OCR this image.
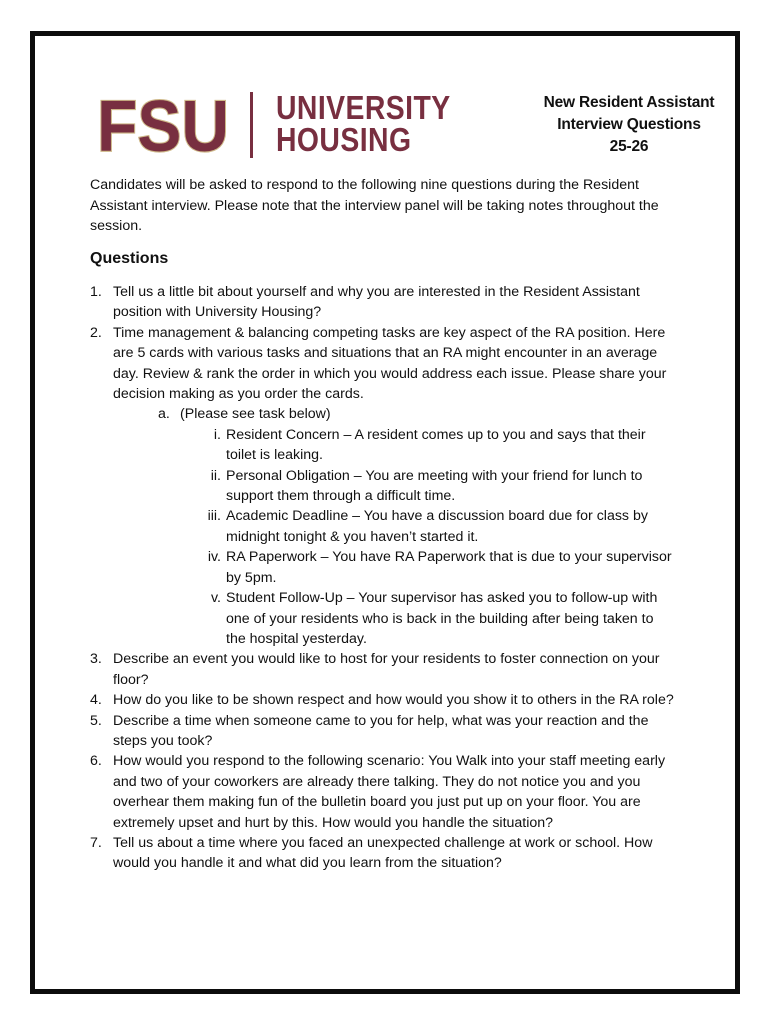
FSU UNIVERSITY
HOUSING
New Resident Assistant
Interview Questions
25-26

Candidates will be asked to respond to the following nine questions during the Resident Assistant interview. Please note that the interview panel will be taking notes throughout the session.

Questions
1. Tell us a little bit about yourself and why you are interested in the Resident Assistant position with University Housing?
2. Time management & balancing competing tasks are key aspect of the RA position. Here are 5 cards with various tasks and situations that an RA might encounter in an average day. Review & rank the order in which you would address each issue. Please share your decision making as you order the cards.
a. (Please see task below)
i. Resident Concern – A resident comes up to you and says that their toilet is leaking.
ii. Personal Obligation – You are meeting with your friend for lunch to support them through a difficult time.
iii. Academic Deadline – You have a discussion board due for class by midnight tonight & you haven’t started it.
iv. RA Paperwork – You have RA Paperwork that is due to your supervisor by 5pm.
v. Student Follow-Up – Your supervisor has asked you to follow-up with one of your residents who is back in the building after being taken to the hospital yesterday.
3. Describe an event you would like to host for your residents to foster connection on your floor?
4. How do you like to be shown respect and how would you show it to others in the RA role?
5. Describe a time when someone came to you for help, what was your reaction and the steps you took?
6. How would you respond to the following scenario: You Walk into your staff meeting early and two of your coworkers are already there talking. They do not notice you and you overhear them making fun of the bulletin board you just put up on your floor. You are extremely upset and hurt by this. How would you handle the situation?
7. Tell us about a time where you faced an unexpected challenge at work or school. How would you handle it and what did you learn from the situation?
